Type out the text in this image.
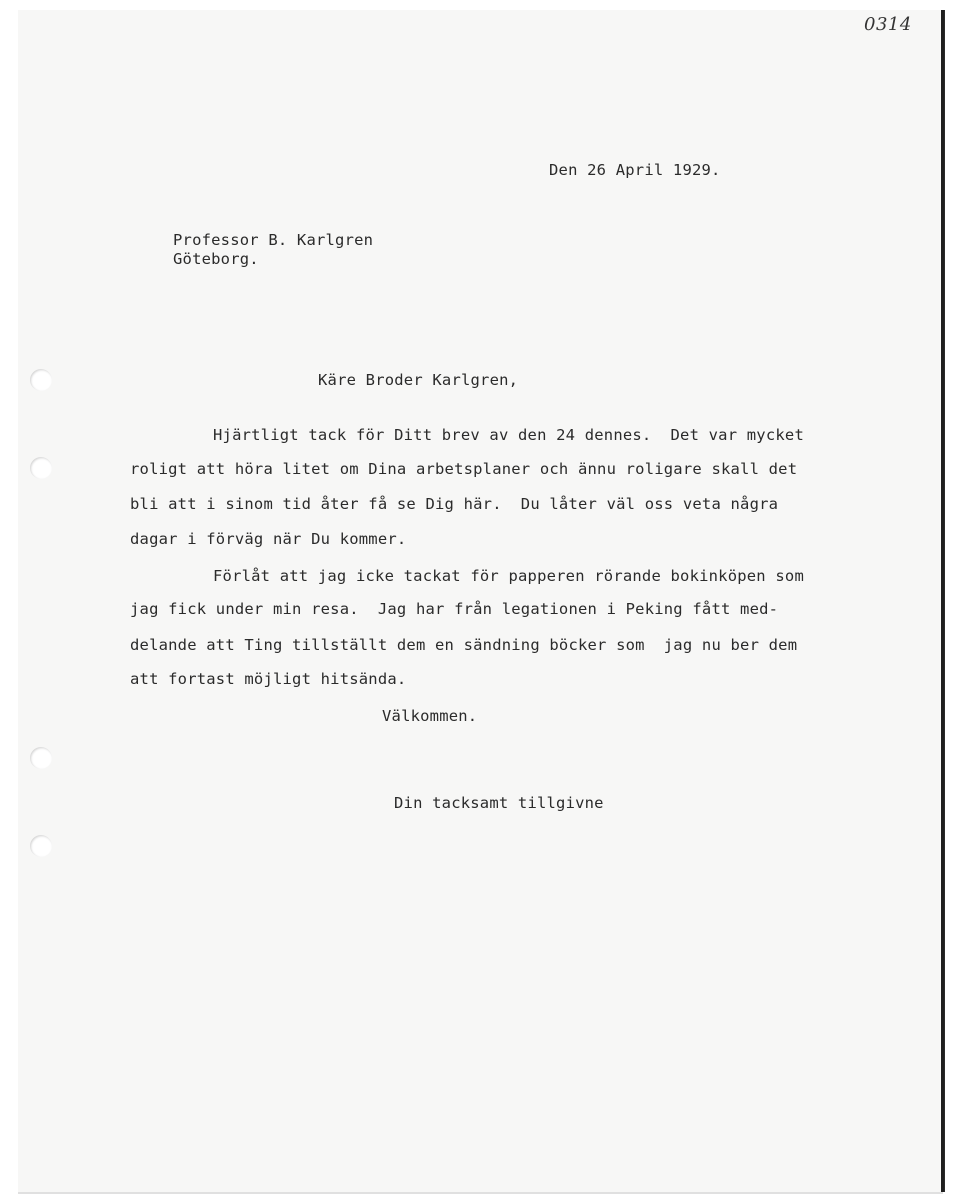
0314
Den 26 April 1929.
Professor B. Karlgren
Göteborg.
Käre Broder Karlgren,
Hjärtligt tack för Ditt brev av den 24 dennes.  Det var mycket
roligt att höra litet om Dina arbetsplaner och ännu roligare skall det
bli att i sinom tid åter få se Dig här.  Du låter väl oss veta några
dagar i förväg när Du kommer.
Förlåt att jag icke tackat för papperen rörande bokinköpen som
jag fick under min resa.  Jag har från legationen i Peking fått med-
delande att Ting tillställt dem en sändning böcker som  jag nu ber dem
att fortast möjligt hitsända.
Välkommen.
Din tacksamt tillgivne
